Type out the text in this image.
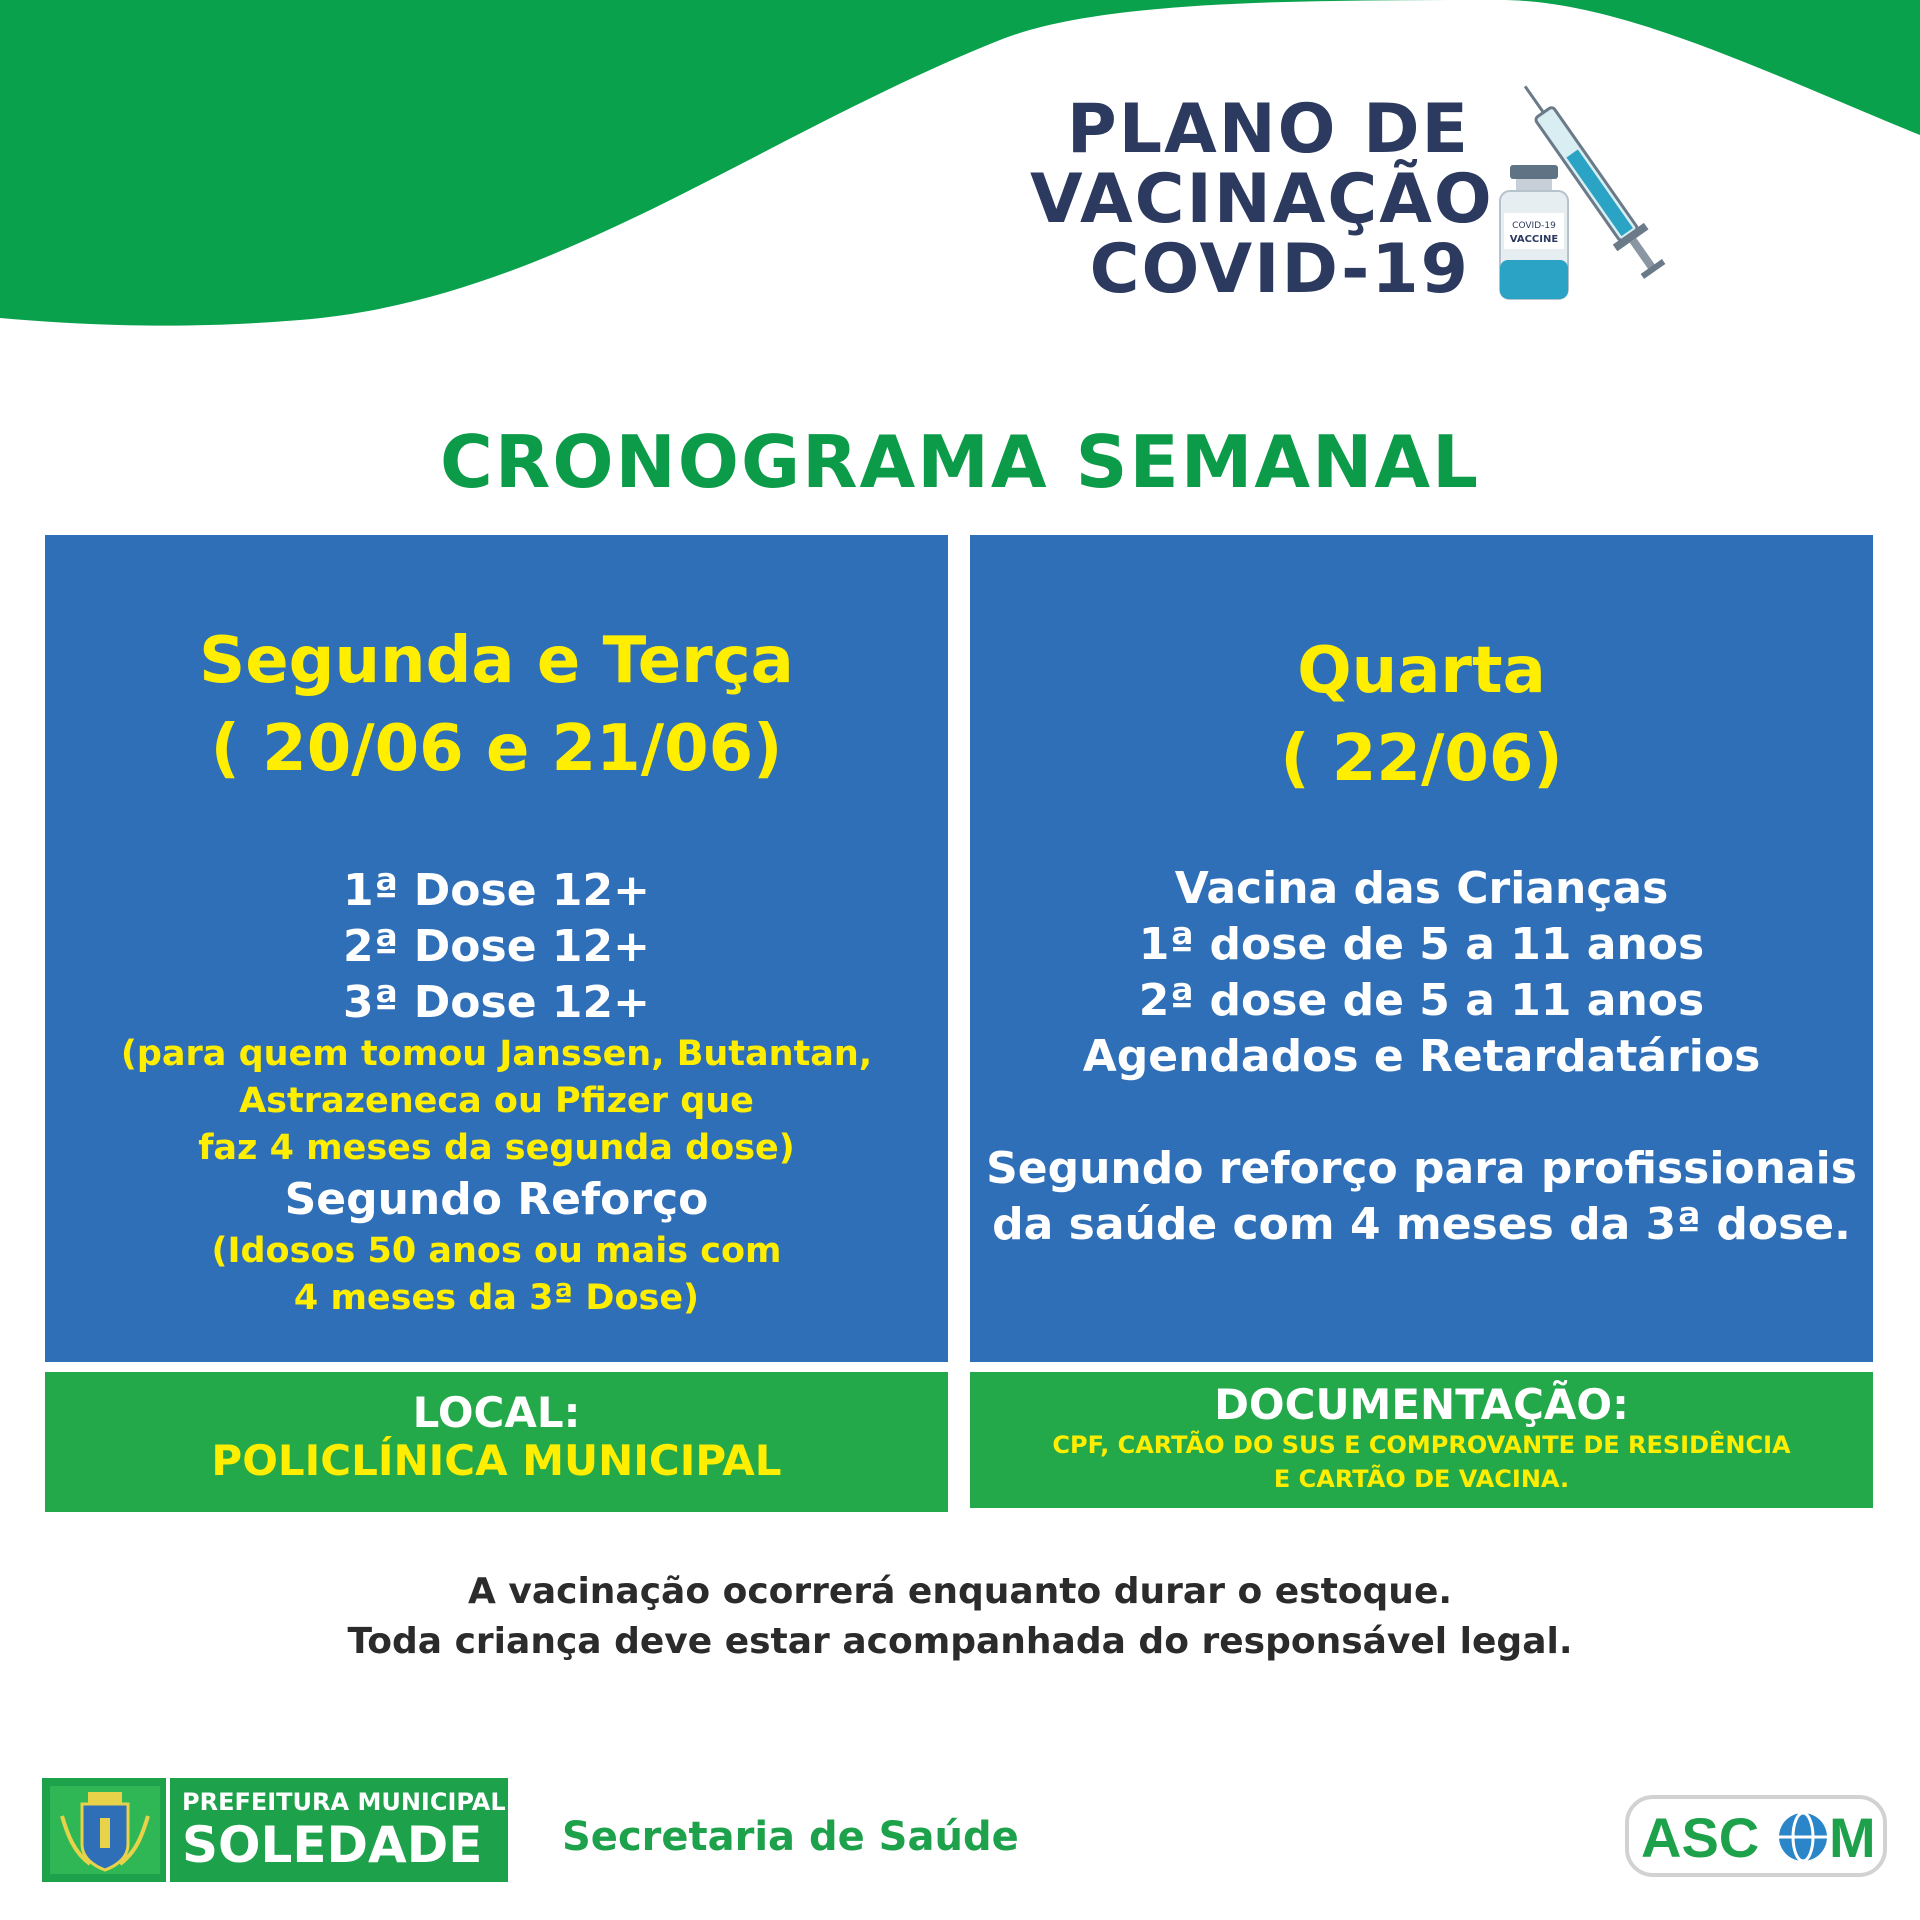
PLANO DE
VACINAÇÃO
COVID-19
COVID-19
VACCINE
CRONOGRAMA SEMANAL
Segunda e Terça
( 20/06 e 21/06)
1ª Dose 12+
2ª Dose 12+
3ª Dose 12+
(para quem tomou Janssen, Butantan,
Astrazeneca ou Pfizer que
faz 4 meses da segunda dose)
Segundo Reforço
(Idosos 50 anos ou mais com
4 meses da 3ª Dose)
Quarta
( 22/06)
Vacina das Crianças
1ª dose de 5 a 11 anos
2ª dose de 5 a 11 anos
Agendados e Retardatários
Segundo reforço para profissionais
da saúde com 4 meses da 3ª dose.
LOCAL:
POLICLÍNICA MUNICIPAL
DOCUMENTAÇÃO:
CPF, CARTÃO DO SUS E COMPROVANTE DE RESIDÊNCIA
E CARTÃO DE VACINA.
A vacinação ocorrerá enquanto durar o estoque.
Toda criança deve estar acompanhada do responsável legal.
PREFEITURA MUNICIPAL
SOLEDADE Secretaria de Saúde	ASC M
